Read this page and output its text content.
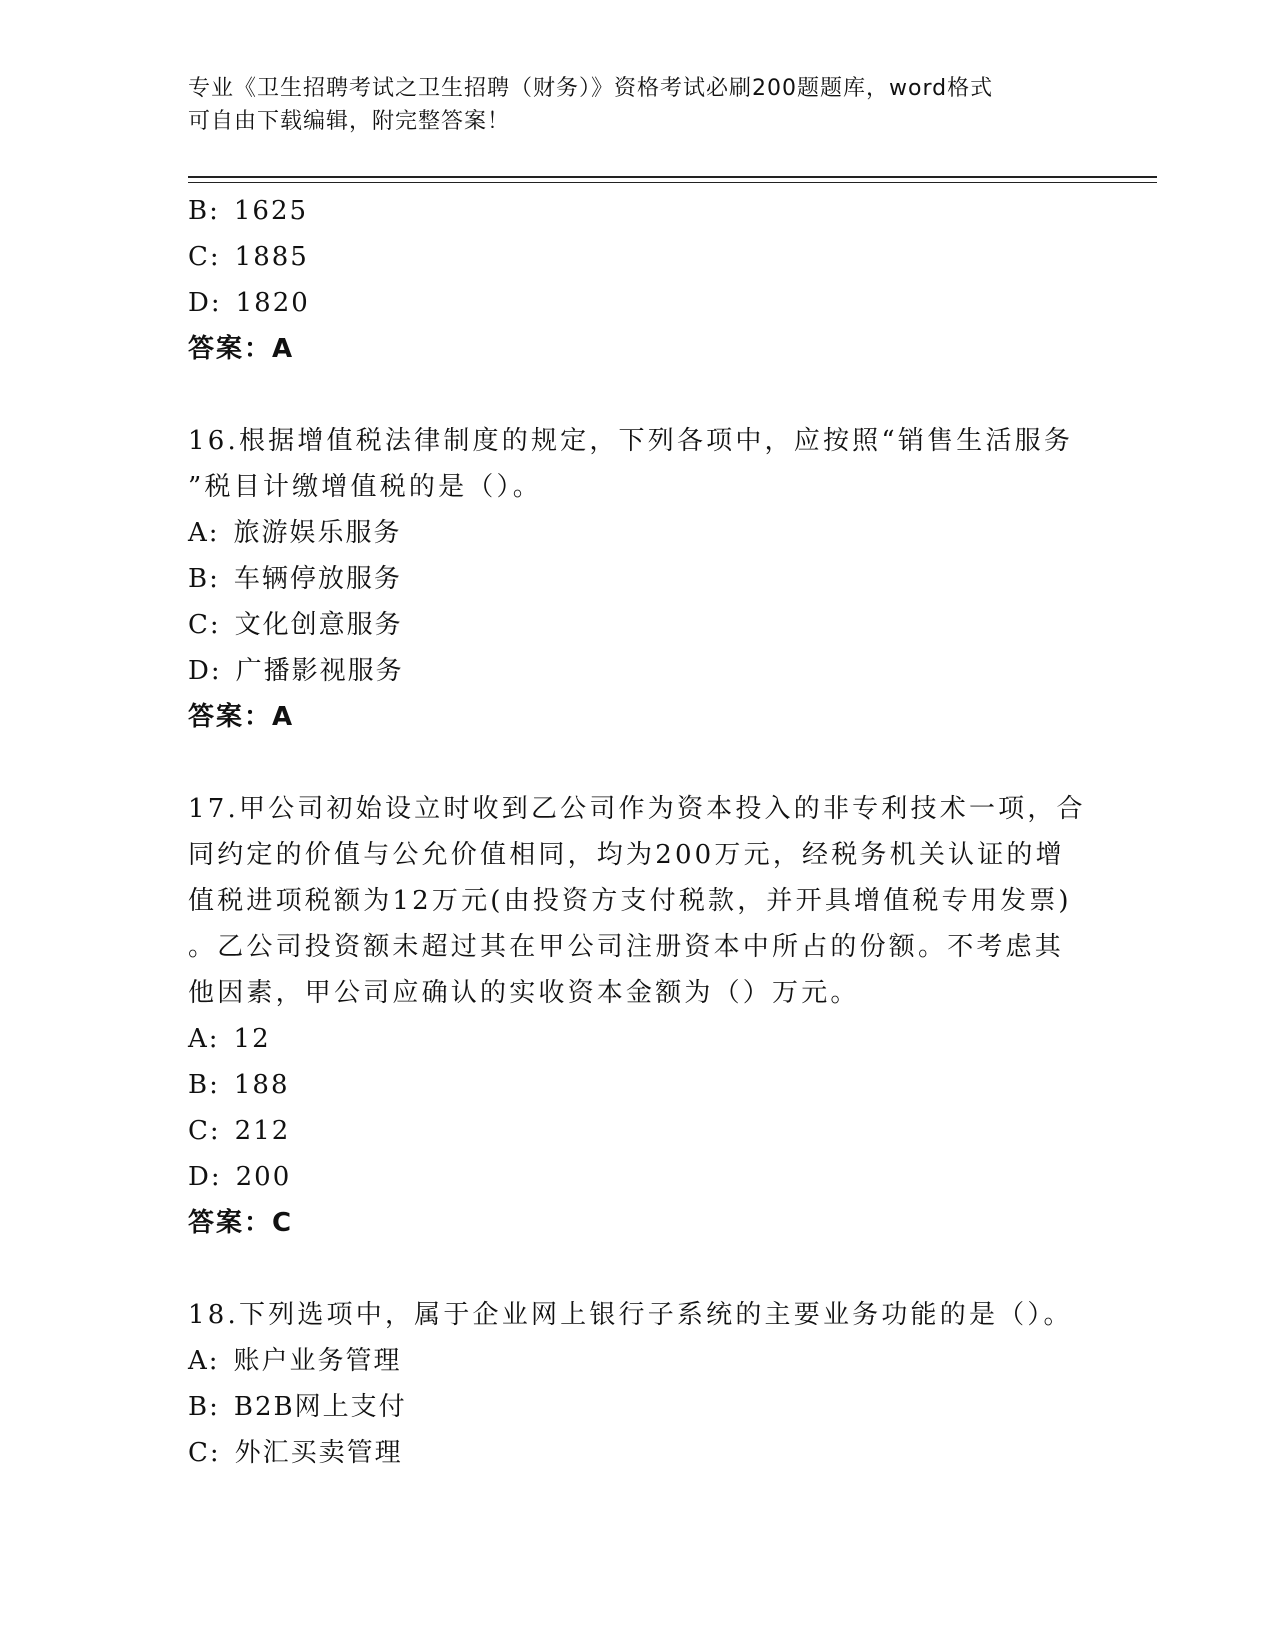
专业《卫生招聘考试之卫生招聘（财务）》资格考试必刷200题题库，word格式
可自由下载编辑，附完整答案！
B: 1625
C: 1885
D: 1820
答案：A
16.根据增值税法律制度的规定，下列各项中，应按照“销售生活服务
”税目计缴增值税的是（）。
A: 旅游娱乐服务
B: 车辆停放服务
C: 文化创意服务
D: 广播影视服务
答案：A
17.甲公司初始设立时收到乙公司作为资本投入的非专利技术一项，合
同约定的价值与公允价值相同，均为200万元，经税务机关认证的增
值税进项税额为12万元(由投资方支付税款，并开具增值税专用发票)
。乙公司投资额未超过其在甲公司注册资本中所占的份额。不考虑其
他因素，甲公司应确认的实收资本金额为（）万元。
A: 12
B: 188
C: 212
D: 200
答案：C
18.下列选项中，属于企业网上银行子系统的主要业务功能的是（）。
A: 账户业务管理
B: B2B网上支付
C: 外汇买卖管理
